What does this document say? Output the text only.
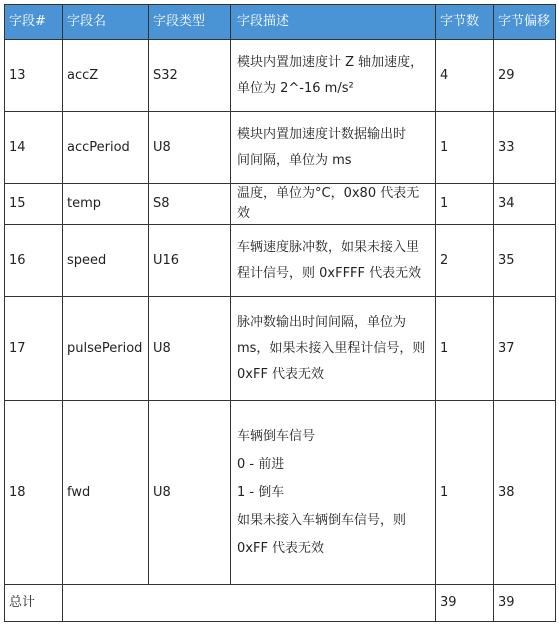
字段#	字段名	字段类型	字段描述	字节数	字节偏移
13	accZ	S32	模块内置加速度计 Z 轴加速度，
单位为 2^-16 m/s²	4	29
14	accPeriod	U8	模块内置加速度计数据输出时
间间隔，单位为 ms	1	33
15	temp	S8	温度，单位为°C，0x80 代表无效	1	34
16	speed	U16	车辆速度脉冲数，如果未接入里
程计信号，则 0xFFFF 代表无效	2	35
17	pulsePeriod	U8	脉冲数输出时间间隔，单位为
ms，如果未接入里程计信号，则
0xFF 代表无效	1	37
18	fwd	U8	车辆倒车信号
0 - 前进
1 - 倒车
如果未接入车辆倒车信号，则
0xFF 代表无效	1	38
总计				39	39
